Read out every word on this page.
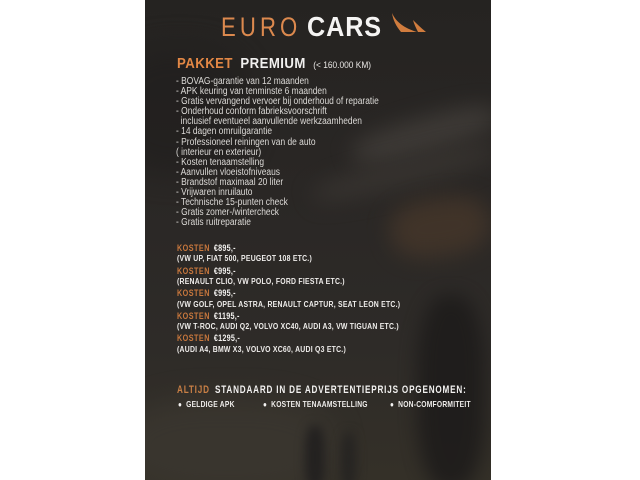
EURO CARS
PAKKET PREMIUM (< 160.000 KM)
- BOVAG-garantie van 12 maanden
- APK keuring van tenminste 6 maanden
- Gratis vervangend vervoer bij onderhoud of reparatie
- Onderhoud conform fabrieksvoorschrift
inclusief eventueel aanvullende werkzaamheden
- 14 dagen omruilgarantie
- Professioneel reiningen van de auto
( interieur en exterieur)
- Kosten tenaamstelling
- Aanvullen vloeistofniveaus
- Brandstof maximaal 20 liter
- Vrijwaren inruilauto
- Technische 15-punten check
- Gratis zomer-/wintercheck
- Gratis ruitreparatie
KOSTEN €895,-
(VW UP, FIAT 500, PEUGEOT 108 ETC.)
KOSTEN €995,-
(RENAULT CLIO, VW POLO, FORD FIESTA ETC.)
KOSTEN €995,-
(VW GOLF, OPEL ASTRA, RENAULT CAPTUR, SEAT LEON ETC.)
KOSTEN €1195,-
(VW T-ROC, AUDI Q2, VOLVO XC40, AUDI A3, VW TIGUAN ETC.)
KOSTEN €1295,-
(AUDI A4, BMW X3, VOLVO XC60, AUDI Q3 ETC.)
ALTIJD STANDAARD IN DE ADVERTENTIEPRIJS OPGENOMEN:
● GELDIGE APK	● KOSTEN TENAAMSTELLING	● NON-COMFORMITEIT
